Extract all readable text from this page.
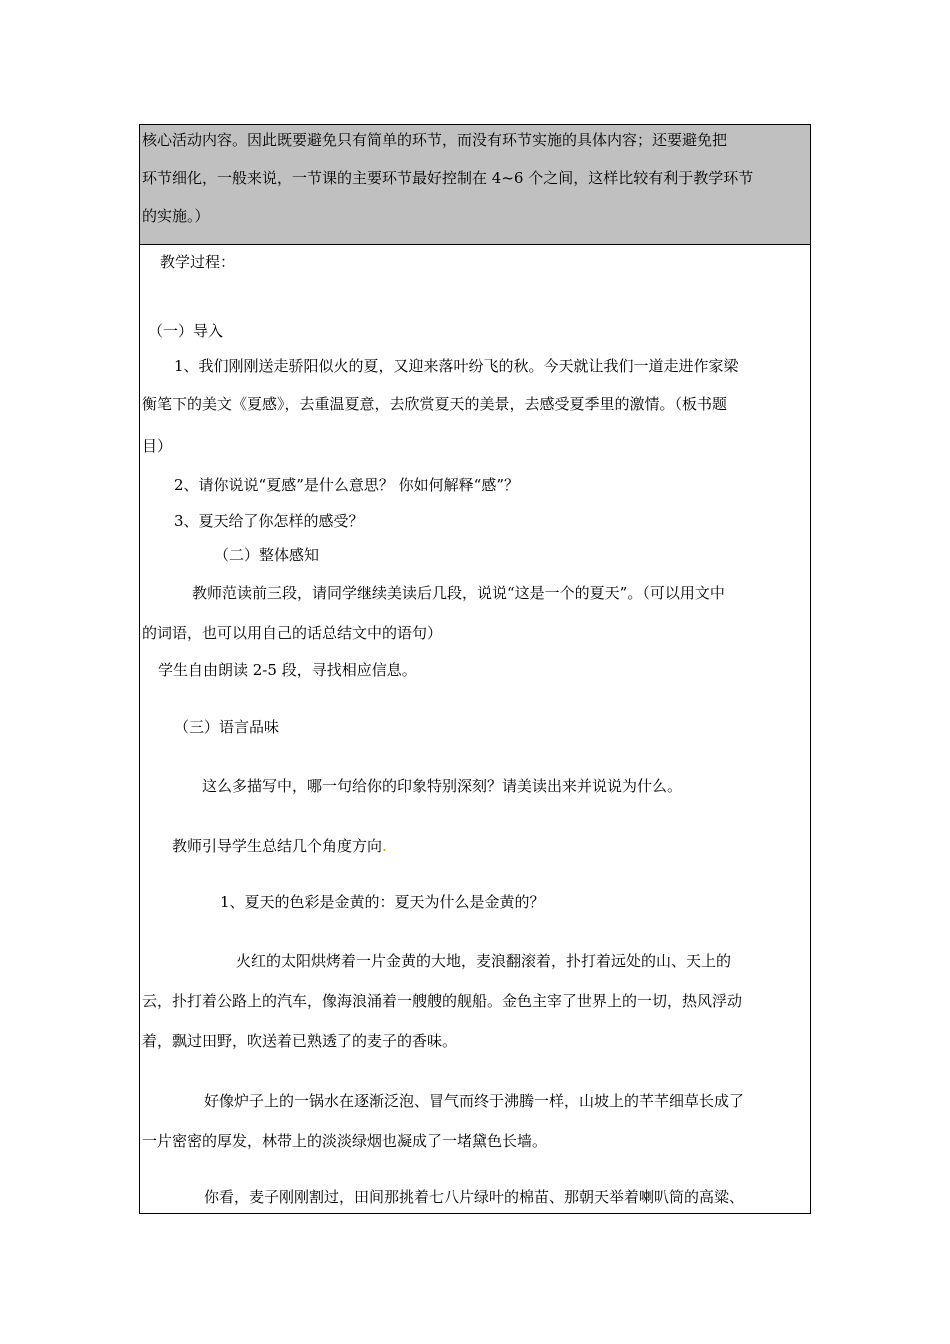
核心活动内容。因此既要避免只有简单的环节，而没有环节实施的具体内容；还要避免把

环节细化，一般来说，一节课的主要环节最好控制在 4~6 个之间，这样比较有利于教学环节

的实施。）

教学过程：

（一）导入

1、我们刚刚送走骄阳似火的夏，又迎来落叶纷飞的秋。今天就让我们一道走进作家梁

衡笔下的美文《夏感》，去重温夏意，去欣赏夏天的美景，去感受夏季里的激情。（板书题

目）

2、请你说说“夏感”是什么意思？ 你如何解释“感”？

3、夏天给了你怎样的感受？

（二）整体感知

教师范读前三段，请同学继续美读后几段，说说“这是一个的夏天”。（可以用文中

的词语，也可以用自己的话总结文中的语句）

学生自由朗读 2-5 段，寻找相应信息。

（三）语言品味

这么多描写中，哪一句给你的印象特别深刻？请美读出来并说说为什么。

教师引导学生总结几个角度方向.

1、夏天的色彩是金黄的：夏天为什么是金黄的？

火红的太阳烘烤着一片金黄的大地，麦浪翻滚着，扑打着远处的山、天上的

云，扑打着公路上的汽车，像海浪涌着一艘艘的舰船。金色主宰了世界上的一切，热风浮动

着，飘过田野，吹送着已熟透了的麦子的香味。

好像炉子上的一锅水在逐渐泛泡、冒气而终于沸腾一样，山坡上的芊芊细草长成了

一片密密的厚发，林带上的淡淡绿烟也凝成了一堵黛色长墙。

你看，麦子刚刚割过，田间那挑着七八片绿叶的棉苗、那朝天举着喇叭筒的高粱、
